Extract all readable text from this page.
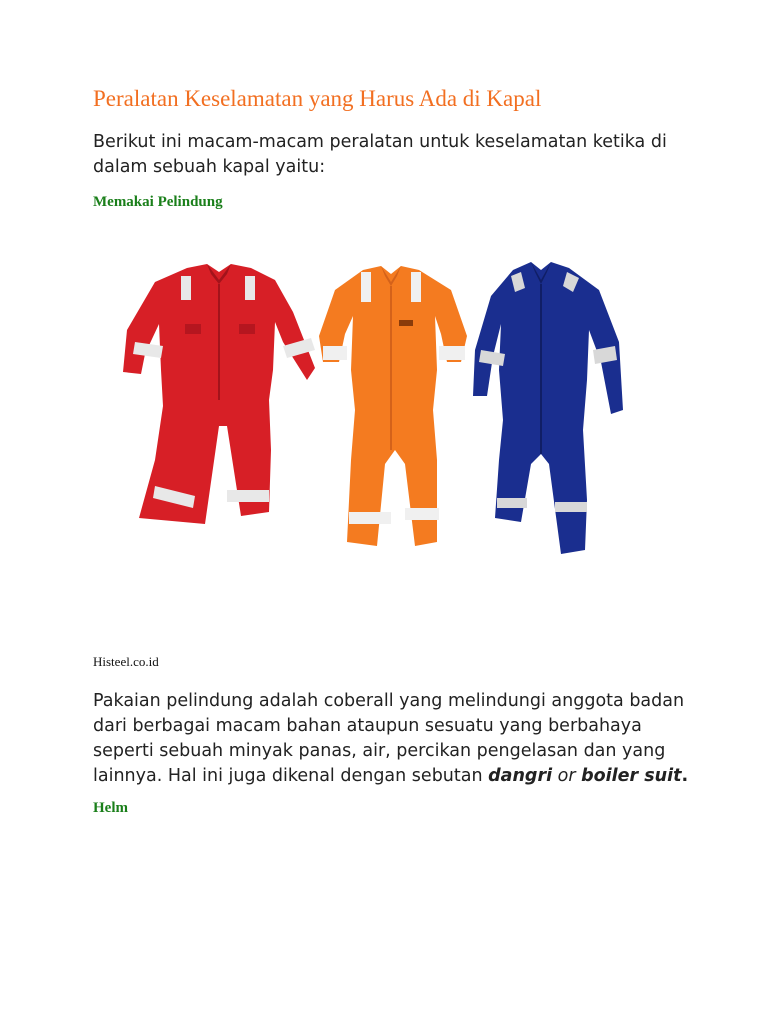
Peralatan Keselamatan yang Harus Ada di Kapal

Berikut ini macam-macam peralatan untuk keselamatan ketika di dalam sebuah kapal yaitu:

Memakai Pelindung

Histeel.co.id

Pakaian pelindung adalah coberall yang melindungi anggota badan dari berbagai macam bahan ataupun sesuatu yang berbahaya seperti sebuah minyak panas, air, percikan pengelasan dan yang lainnya. Hal ini juga dikenal dengan sebutan dangri or boiler suit.

Helm
